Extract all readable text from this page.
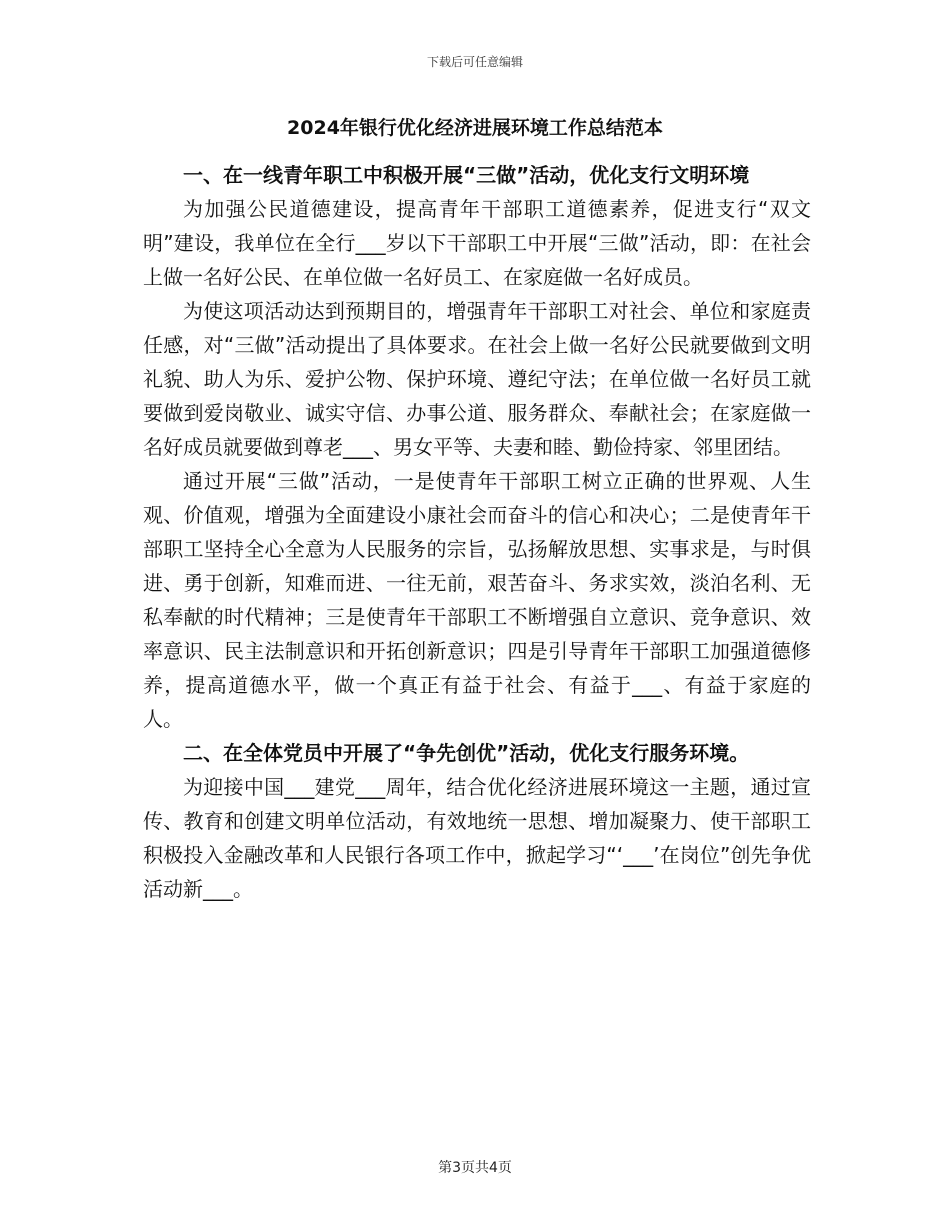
下载后可任意编辑
2024年银行优化经济进展环境工作总结范本
一、在一线青年职工中积极开展“三做”活动，优化支行文明环境

为加强公民道德建设，提高青年干部职工道德素养，促进支行“双文明”建设，我单位在全行___岁以下干部职工中开展“三做”活动，即：在社会上做一名好公民、在单位做一名好员工、在家庭做一名好成员。

为使这项活动达到预期目的，增强青年干部职工对社会、单位和家庭责任感，对“三做”活动提出了具体要求。在社会上做一名好公民就要做到文明礼貌、助人为乐、爱护公物、保护环境、遵纪守法；在单位做一名好员工就要做到爱岗敬业、诚实守信、办事公道、服务群众、奉献社会；在家庭做一名好成员就要做到尊老___、男女平等、夫妻和睦、勤俭持家、邻里团结。

通过开展“三做”活动，一是使青年干部职工树立正确的世界观、人生观、价值观，增强为全面建设小康社会而奋斗的信心和决心；二是使青年干部职工坚持全心全意为人民服务的宗旨，弘扬解放思想、实事求是，与时俱进、勇于创新，知难而进、一往无前，艰苦奋斗、务求实效，淡泊名利、无私奉献的时代精神；三是使青年干部职工不断增强自立意识、竞争意识、效率意识、民主法制意识和开拓创新意识；四是引导青年干部职工加强道德修养，提高道德水平，做一个真正有益于社会、有益于___、有益于家庭的人。

二、在全体党员中开展了“争先创优”活动，优化支行服务环境。

为迎接中国___建党___周年，结合优化经济进展环境这一主题，通过宣传、教育和创建文明单位活动，有效地统一思想、增加凝聚力、使干部职工积极投入金融改革和人民银行各项工作中，掀起学习“‘___’在岗位”创先争优活动新___。

第3页共4页
